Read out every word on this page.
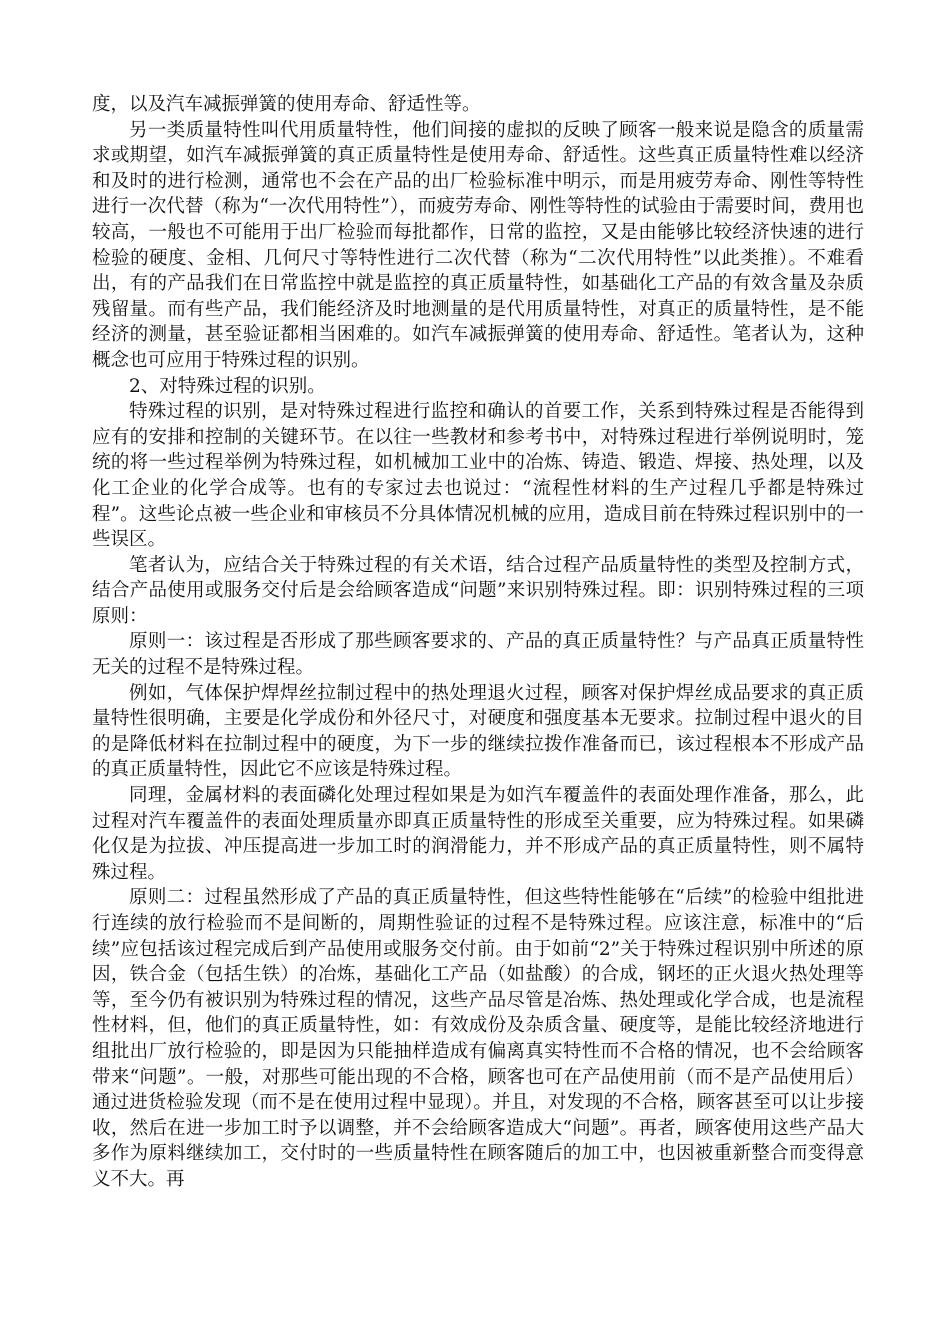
度，以及汽车减振弹簧的使用寿命、舒适性等。

另一类质量特性叫代用质量特性，他们间接的虚拟的反映了顾客一般来说是隐含的质量需求或期望，如汽车减振弹簧的真正质量特性是使用寿命、舒适性。这些真正质量特性难以经济和及时的进行检测，通常也不会在产品的出厂检验标准中明示，而是用疲劳寿命、刚性等特性进行一次代替（称为“一次代用特性”），而疲劳寿命、刚性等特性的试验由于需要时间，费用也较高，一般也不可能用于出厂检验而每批都作，日常的监控，又是由能够比较经济快速的进行检验的硬度、金相、几何尺寸等特性进行二次代替（称为“二次代用特性”以此类推）。不难看出，有的产品我们在日常监控中就是监控的真正质量特性，如基础化工产品的有效含量及杂质残留量。而有些产品，我们能经济及时地测量的是代用质量特性，对真正的质量特性，是不能经济的测量，甚至验证都相当困难的。如汽车减振弹簧的使用寿命、舒适性。笔者认为，这种概念也可应用于特殊过程的识别。

2、对特殊过程的识别。

特殊过程的识别，是对特殊过程进行监控和确认的首要工作，关系到特殊过程是否能得到应有的安排和控制的关键环节。在以往一些教材和参考书中，对特殊过程进行举例说明时，笼统的将一些过程举例为特殊过程，如机械加工业中的冶炼、铸造、锻造、焊接、热处理，以及化工企业的化学合成等。也有的专家过去也说过：“流程性材料的生产过程几乎都是特殊过程”。这些论点被一些企业和审核员不分具体情况机械的应用，造成目前在特殊过程识别中的一些误区。

笔者认为，应结合关于特殊过程的有关术语，结合过程产品质量特性的类型及控制方式，结合产品使用或服务交付后是会给顾客造成“问题”来识别特殊过程。即：识别特殊过程的三项原则：

原则一：该过程是否形成了那些顾客要求的、产品的真正质量特性？与产品真正质量特性无关的过程不是特殊过程。

例如，气体保护焊焊丝拉制过程中的热处理退火过程，顾客对保护焊丝成品要求的真正质量特性很明确，主要是化学成份和外径尺寸，对硬度和强度基本无要求。拉制过程中退火的目的是降低材料在拉制过程中的硬度，为下一步的继续拉拨作准备而已，该过程根本不形成产品的真正质量特性，因此它不应该是特殊过程。

同理，金属材料的表面磷化处理过程如果是为如汽车覆盖件的表面处理作准备，那么，此过程对汽车覆盖件的表面处理质量亦即真正质量特性的形成至关重要，应为特殊过程。如果磷化仅是为拉拔、冲压提高进一步加工时的润滑能力，并不形成产品的真正质量特性，则不属特殊过程。

原则二：过程虽然形成了产品的真正质量特性，但这些特性能够在“后续”的检验中组批进行连续的放行检验而不是间断的，周期性验证的过程不是特殊过程。应该注意，标准中的“后续”应包括该过程完成后到产品使用或服务交付前。由于如前“2”关于特殊过程识别中所述的原因，铁合金（包括生铁）的冶炼，基础化工产品（如盐酸）的合成，钢坯的正火退火热处理等等，至今仍有被识别为特殊过程的情况，这些产品尽管是冶炼、热处理或化学合成，也是流程性材料，但，他们的真正质量特性，如：有效成份及杂质含量、硬度等，是能比较经济地进行组批出厂放行检验的，即是因为只能抽样造成有偏离真实特性而不合格的情况，也不会给顾客带来“问题”。一般，对那些可能出现的不合格，顾客也可在产品使用前（而不是产品使用后）通过进货检验发现（而不是在使用过程中显现）。并且，对发现的不合格，顾客甚至可以让步接收，然后在进一步加工时予以调整，并不会给顾客造成大“问题”。再者，顾客使用这些产品大多作为原料继续加工，交付时的一些质量特性在顾客随后的加工中，也因被重新整合而变得意义不大。再
